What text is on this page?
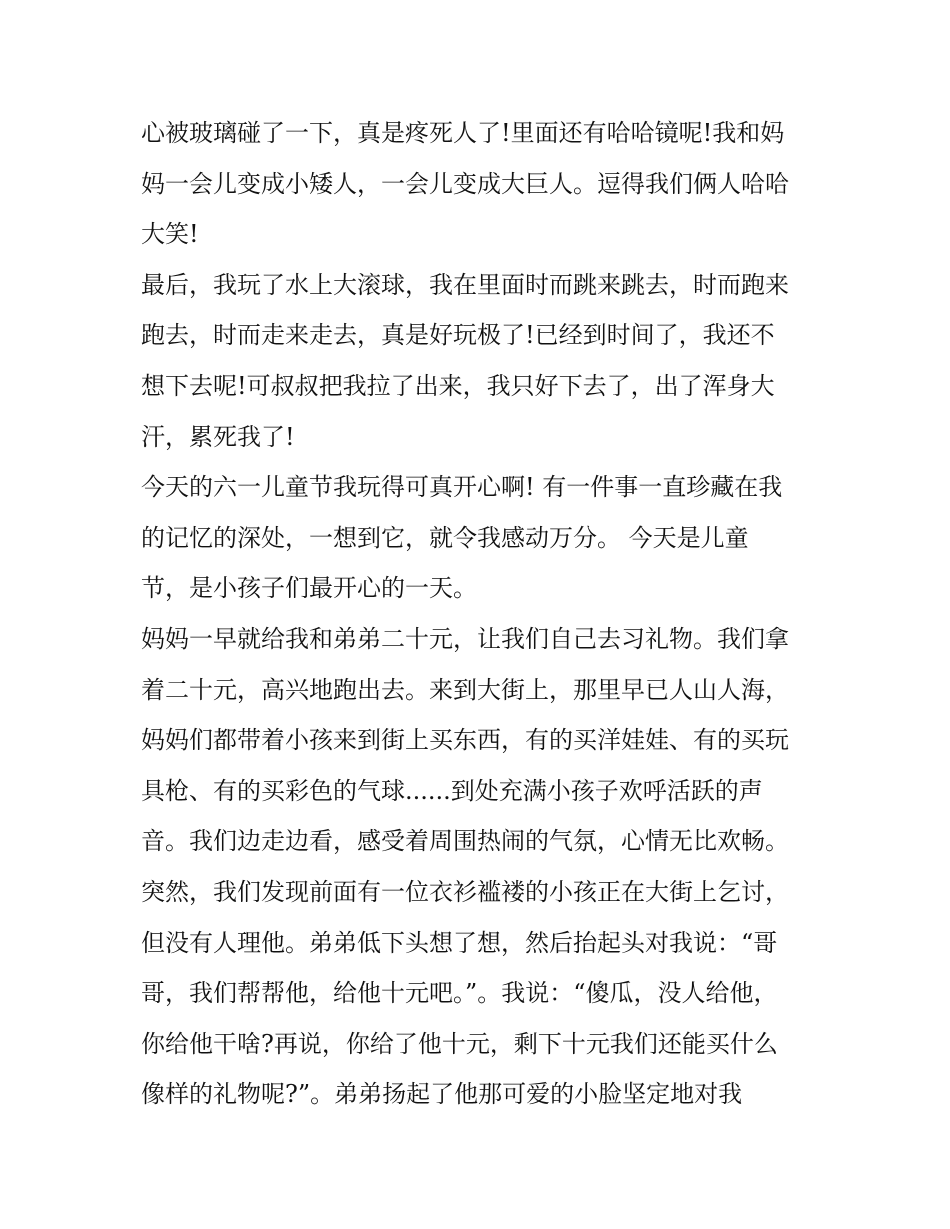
心被玻璃碰了一下，真是疼死人了!里面还有哈哈镜呢!我和妈
妈一会儿变成小矮人，一会儿变成大巨人。逗得我们俩人哈哈
大笑!
最后，我玩了水上大滚球，我在里面时而跳来跳去，时而跑来
跑去，时而走来走去，真是好玩极了!已经到时间了，我还不
想下去呢!可叔叔把我拉了出来，我只好下去了，出了浑身大
汗，累死我了!
今天的六一儿童节我玩得可真开心啊! 有一件事一直珍藏在我
的记忆的深处，一想到它，就令我感动万分。 今天是儿童
节，是小孩子们最开心的一天。
妈妈一早就给我和弟弟二十元，让我们自己去习礼物。我们拿
着二十元，高兴地跑出去。来到大街上，那里早已人山人海，
妈妈们都带着小孩来到街上买东西，有的买洋娃娃、有的买玩
具枪、有的买彩色的气球......到处充满小孩子欢呼活跃的声
音。我们边走边看，感受着周围热闹的气氛，心情无比欢畅。
突然，我们发现前面有一位衣衫褴褛的小孩正在大街上乞讨，
但没有人理他。弟弟低下头想了想，然后抬起头对我说：“哥
哥，我们帮帮他，给他十元吧。”。我说：“傻瓜，没人给他，
你给他干啥?再说，你给了他十元，剩下十元我们还能买什么
像样的礼物呢?”。弟弟扬起了他那可爱的小脸坚定地对我
